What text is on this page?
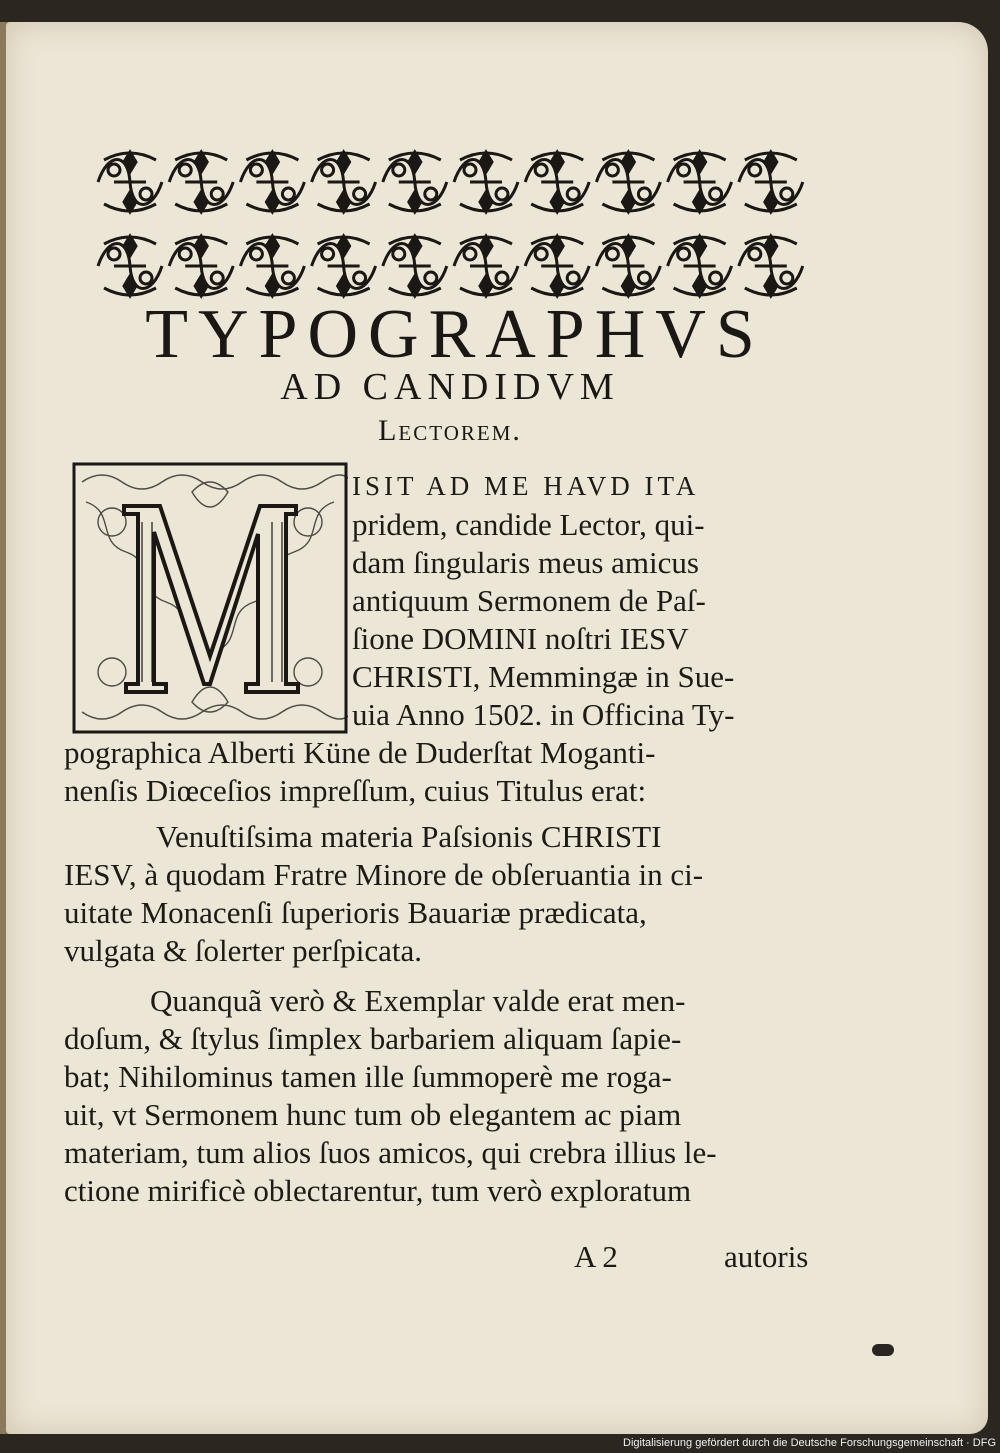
TYPOGRAPHVS
AD CANDIDVM
Lectorem.
ISIT AD ME HAVD ITA
pridem, candide Lector, qui-
dam ſingularis meus amicus
antiquum Sermonem de Paſ-
ſione DOMINI noſtri IESV
CHRISTI, Memmingæ in Sue-
uia Anno 1502. in Officina Ty-
pographica Alberti Küne de Duderſtat Moganti-
nenſis Diœceſios impreſſum, cuius Titulus erat:
Venuſtiſsima materia Paſsionis CHRISTI
IESV, à quodam Fratre Minore de obſeruantia in ci-
uitate Monacenſi ſuperioris Bauariæ prædicata,
vulgata & ſolerter perſpicata.
Quanquã verò & Exemplar valde erat men-
doſum, & ſtylus ſimplex barbariem aliquam ſapie-
bat; Nihilominus tamen ille ſummoperè me roga-
uit, vt Sermonem hunc tum ob elegantem ac piam
materiam, tum alios ſuos amicos, qui crebra illius le-
ctione mirificè oblectarentur, tum verò exploratum
A 2	autoris
Digitalisierung gefördert durch die Deutsche Forschungsgemeinschaft · DFG
